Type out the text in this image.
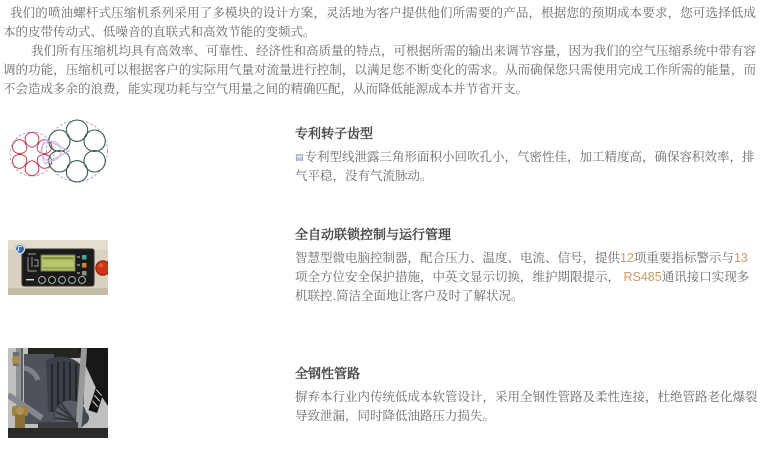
我们的喷油螺杆式压缩机系列采用了多模块的设计方案，灵活地为客户提供他们所需要的产品，根据您的预期成本要求，您可选择低成本的皮带传动式、低噪音的直联式和高效节能的变频式。

我们所有压缩机均具有高效率、可靠性、经济性和高质量的特点，可根据所需的输出来调节容量，因为我们的空气压缩系统中带有容调的功能，压缩机可以根据客户的实际用气量对流量进行控制，以满足您不断变化的需求。从而确保您只需使用完成工作所需的能量，而不会造成多余的浪费，能实现功耗与空气用量之间的精确匹配，从而降低能源成本并节省开支。

专利转子齿型

▤专利型线泄露三角形面积小回吹孔小，气密性佳，加工精度高，确保容积效率，排气平稳，没有气流脉动。

全自动联锁控制与运行管理

智慧型微电脑控制器，配合压力、温度、电流、信号，提供12项重要指标警示与13项全方位安全保护措施，中英文显示切换，维护期限提示， RS485通讯接口实现多机联控.简洁全面地让客户及时了解状况。

全钢性管路

摒弃本行业内传统低成本软管设计，采用全钢性管路及柔性连接，杜绝管路老化爆裂导致泄漏，同时降低油路压力损失。
